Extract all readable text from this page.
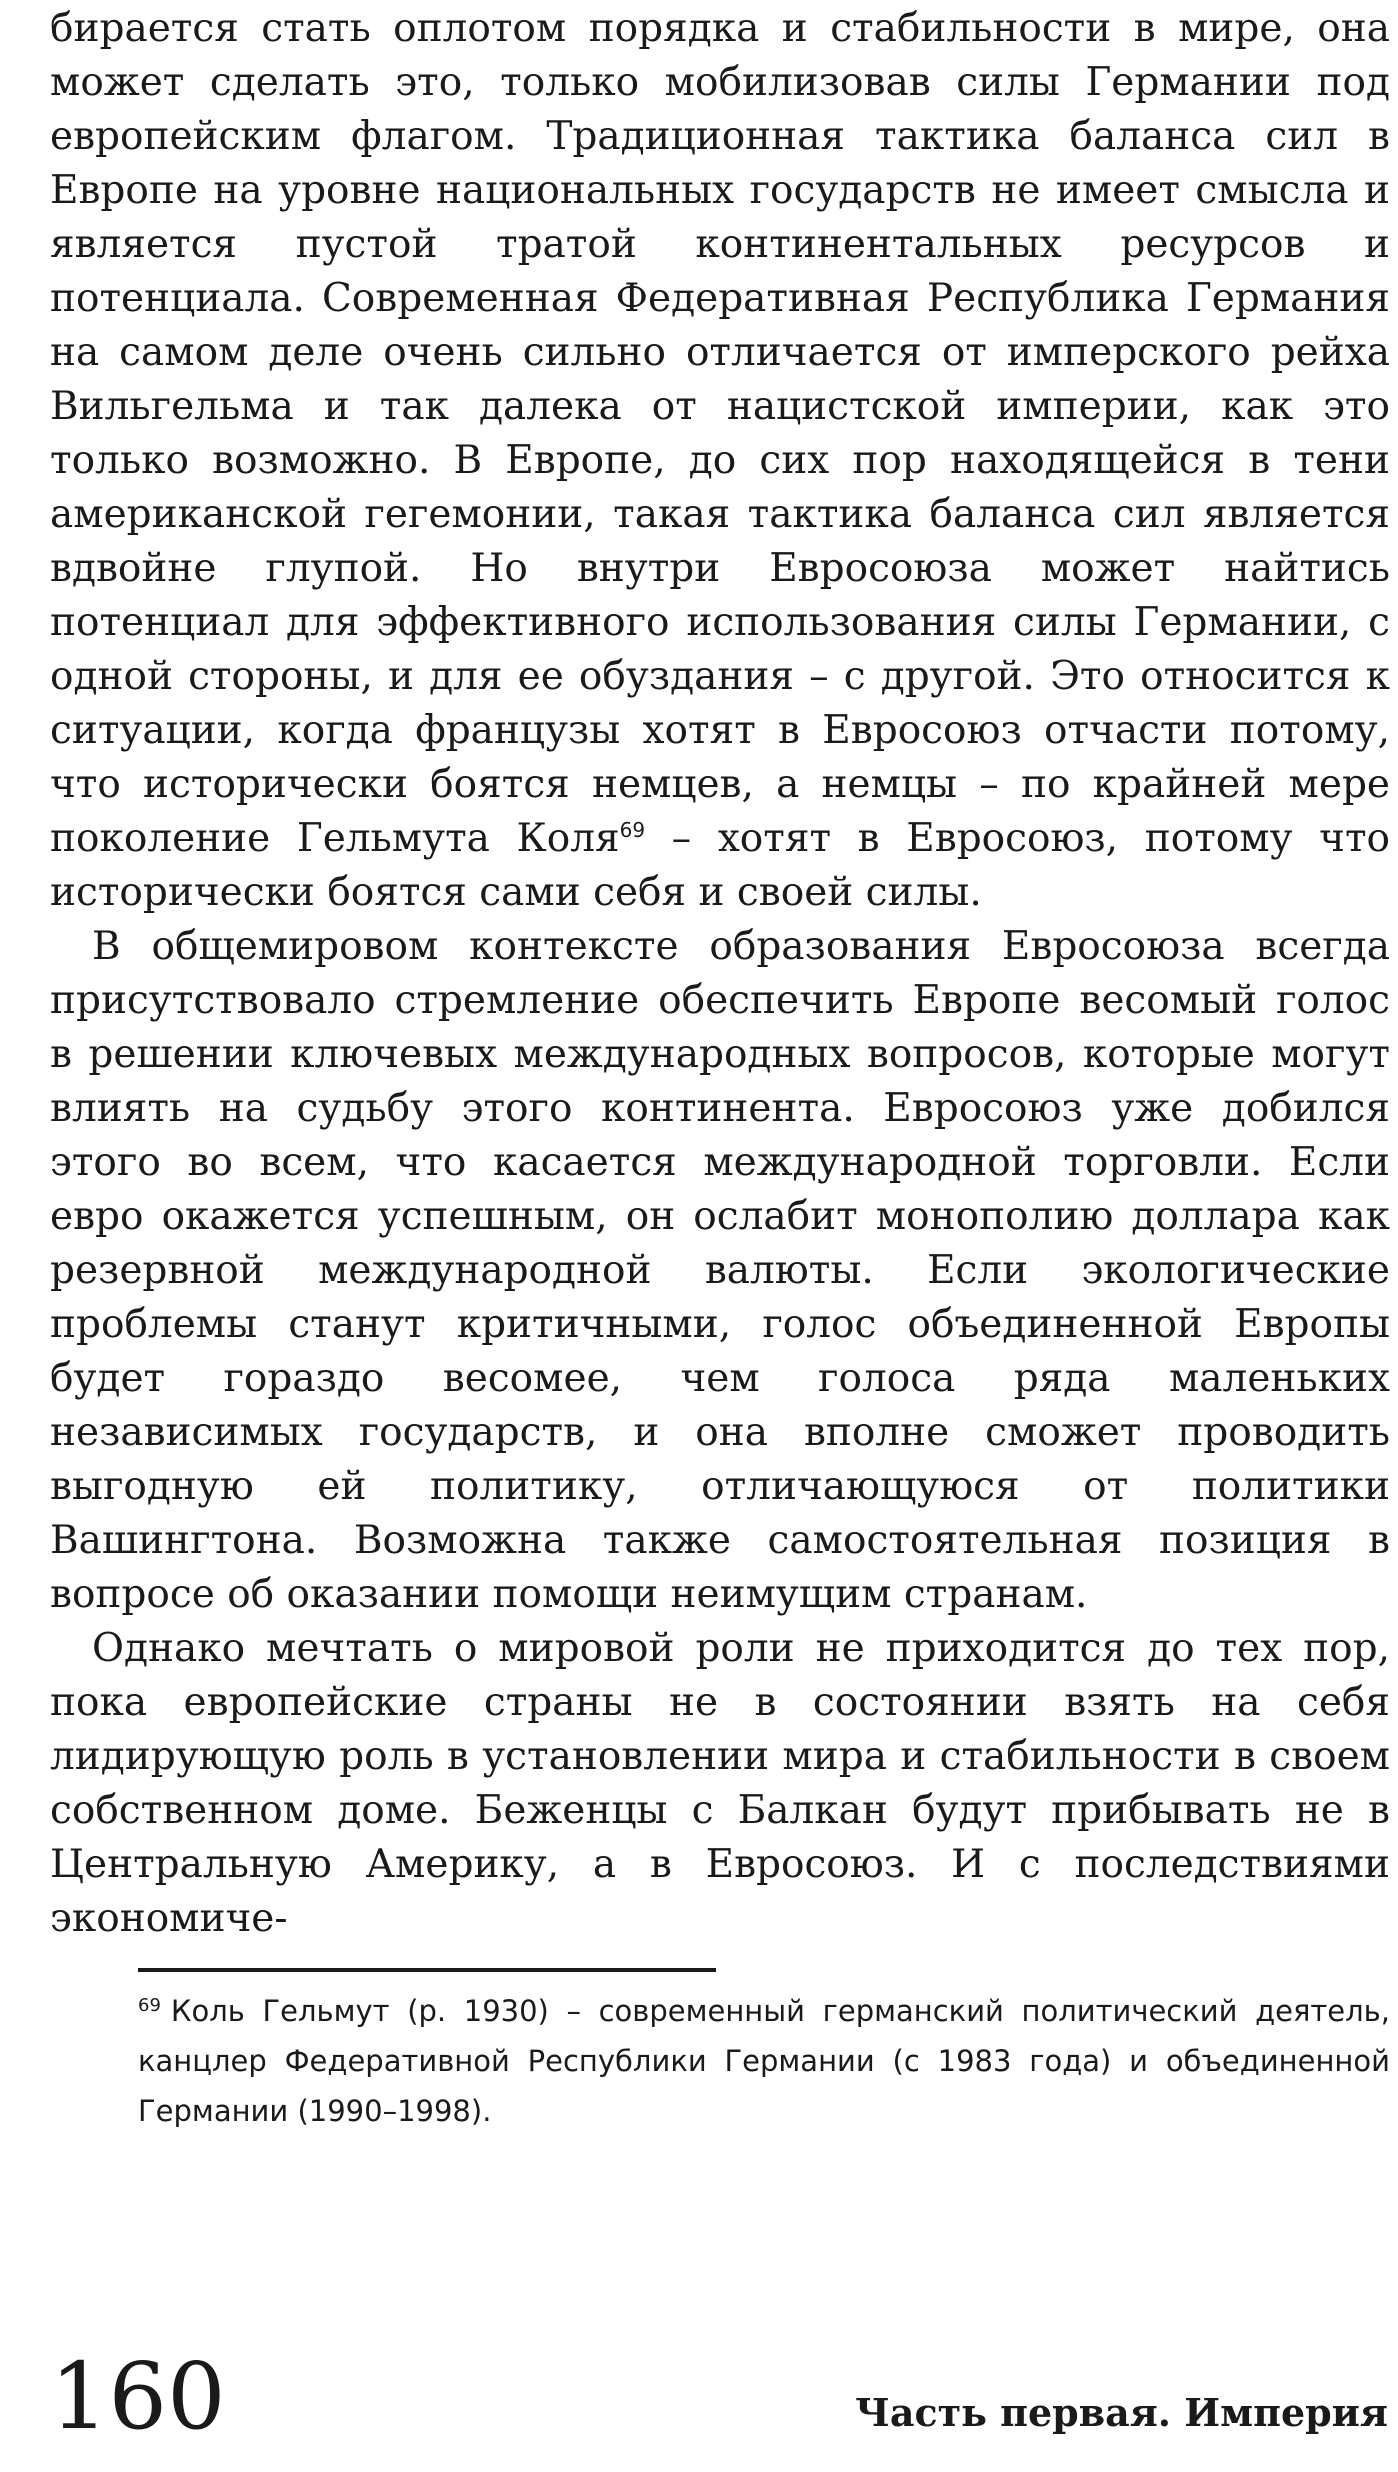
бирается стать оплотом порядка и стабильности в мире, она может сделать это, только мобилизовав силы Германии под европейским флагом. Традиционная тактика баланса сил в Европе на уровне национальных государств не имеет смысла и является пустой тратой континентальных ресурсов и потенциала. Современная Федеративная Республика Германия на самом деле очень сильно отличается от имперского рейха Вильгельма и так далека от нацистской империи, как это только возможно. В Европе, до сих пор находящейся в тени американской гегемонии, такая тактика баланса сил является вдвойне глупой. Но внутри Евросоюза может найтись потенциал для эффективного использования силы Германии, с одной стороны, и для ее обуздания – с другой. Это относится к ситуации, когда французы хотят в Евросоюз отчасти потому, что исторически боятся немцев, а немцы – по крайней мере поколение Гельмута Коля$^{69}$ – хотят в Евросоюз, потому что исторически боятся сами себя и своей силы.

В общемировом контексте образования Евросоюза всегда присутствовало стремление обеспечить Европе весомый голос в решении ключевых международных вопросов, которые могут влиять на судьбу этого континента. Евросоюз уже добился этого во всем, что касается международной торговли. Если евро окажется успешным, он ослабит монополию доллара как резервной международной валюты. Если экологические проблемы станут критичными, голос объединенной Европы будет гораздо весомее, чем голоса ряда маленьких независимых государств, и она вполне сможет проводить выгодную ей политику, отличающуюся от политики Вашингтона. Возможна также самостоятельная позиция в вопросе об оказании помощи неимущим странам.

Однако мечтать о мировой роли не приходится до тех пор, пока европейские страны не в состоянии взять на себя лидирующую роль в установлении мира и стабильности в своем собственном доме. Беженцы с Балкан будут прибывать не в Центральную Америку, а в Евросоюз. И с последствиями экономиче-

$^{69}$ Коль Гельмут (р. 1930) – современный германский политический деятель, канцлер Федеративной Республики Германии (с 1983 года) и объединенной Германии (1990–1998).
160	Часть первая. Империя
